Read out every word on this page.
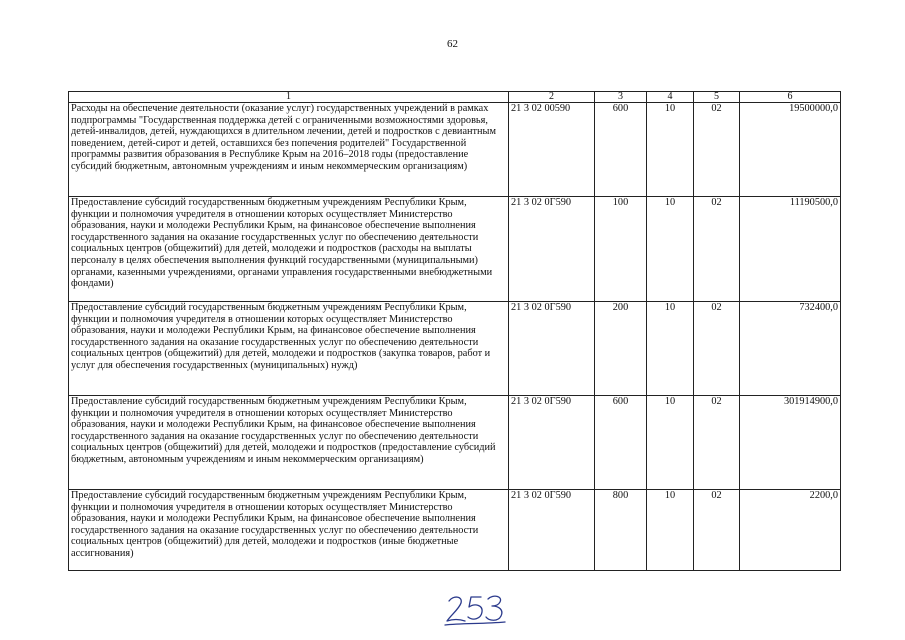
62
1	2	3	4	5	6
Расходы на обеспечение деятельности (оказание услуг) государственных учреждений в рамках подпрограммы "Государственная поддержка детей с ограниченными возможностями здоровья, детей-инвалидов, детей, нуждающихся в длительном лечении, детей и подростков с девиантным поведением, детей-сирот и детей, оставшихся без попечения родителей" Государственной программы развития образования в Республике Крым на 2016–2018 годы (предоставление субсидий бюджетным, автономным учреждениям и иным некоммерческим организациям)	21 3 02 00590	600	10	02	19500000,0
Предоставление субсидий государственным бюджетным учреждениям Республики Крым, функции и полномочия учредителя в отношении которых осуществляет Министерство образования, науки и молодежи Республики Крым, на финансовое обеспечение выполнения государственного задания на оказание государственных услуг по обеспечению деятельности социальных центров (общежитий) для детей, молодежи и подростков (расходы на выплаты персоналу в целях обеспечения выполнения функций государственными (муниципальными) органами, казенными учреждениями, органами управления государственными внебюджетными фондами)	21 3 02 0Г590	100	10	02	11190500,0
Предоставление субсидий государственным бюджетным учреждениям Республики Крым, функции и полномочия учредителя в отношении которых осуществляет Министерство образования, науки и молодежи Республики Крым, на финансовое обеспечение выполнения государственного задания на оказание государственных услуг по обеспечению деятельности социальных центров (общежитий) для детей, молодежи и подростков (закупка товаров, работ и услуг для обеспечения государственных (муниципальных) нужд)	21 3 02 0Г590	200	10	02	732400,0
Предоставление субсидий государственным бюджетным учреждениям Республики Крым, функции и полномочия учредителя в отношении которых осуществляет Министерство образования, науки и молодежи Республики Крым, на финансовое обеспечение выполнения государственного задания на оказание государственных услуг по обеспечению деятельности социальных центров (общежитий) для детей, молодежи и подростков (предоставление субсидий бюджетным, автономным учреждениям и иным некоммерческим организациям)	21 3 02 0Г590	600	10	02	301914900,0
Предоставление субсидий государственным бюджетным учреждениям Республики Крым, функции и полномочия учредителя в отношении которых осуществляет Министерство образования, науки и молодежи Республики Крым, на финансовое обеспечение выполнения государственного задания на оказание государственных услуг по обеспечению деятельности социальных центров (общежитий) для детей, молодежи и подростков (иные бюджетные ассигнования)	21 3 02 0Г590	800	10	02	2200,0
